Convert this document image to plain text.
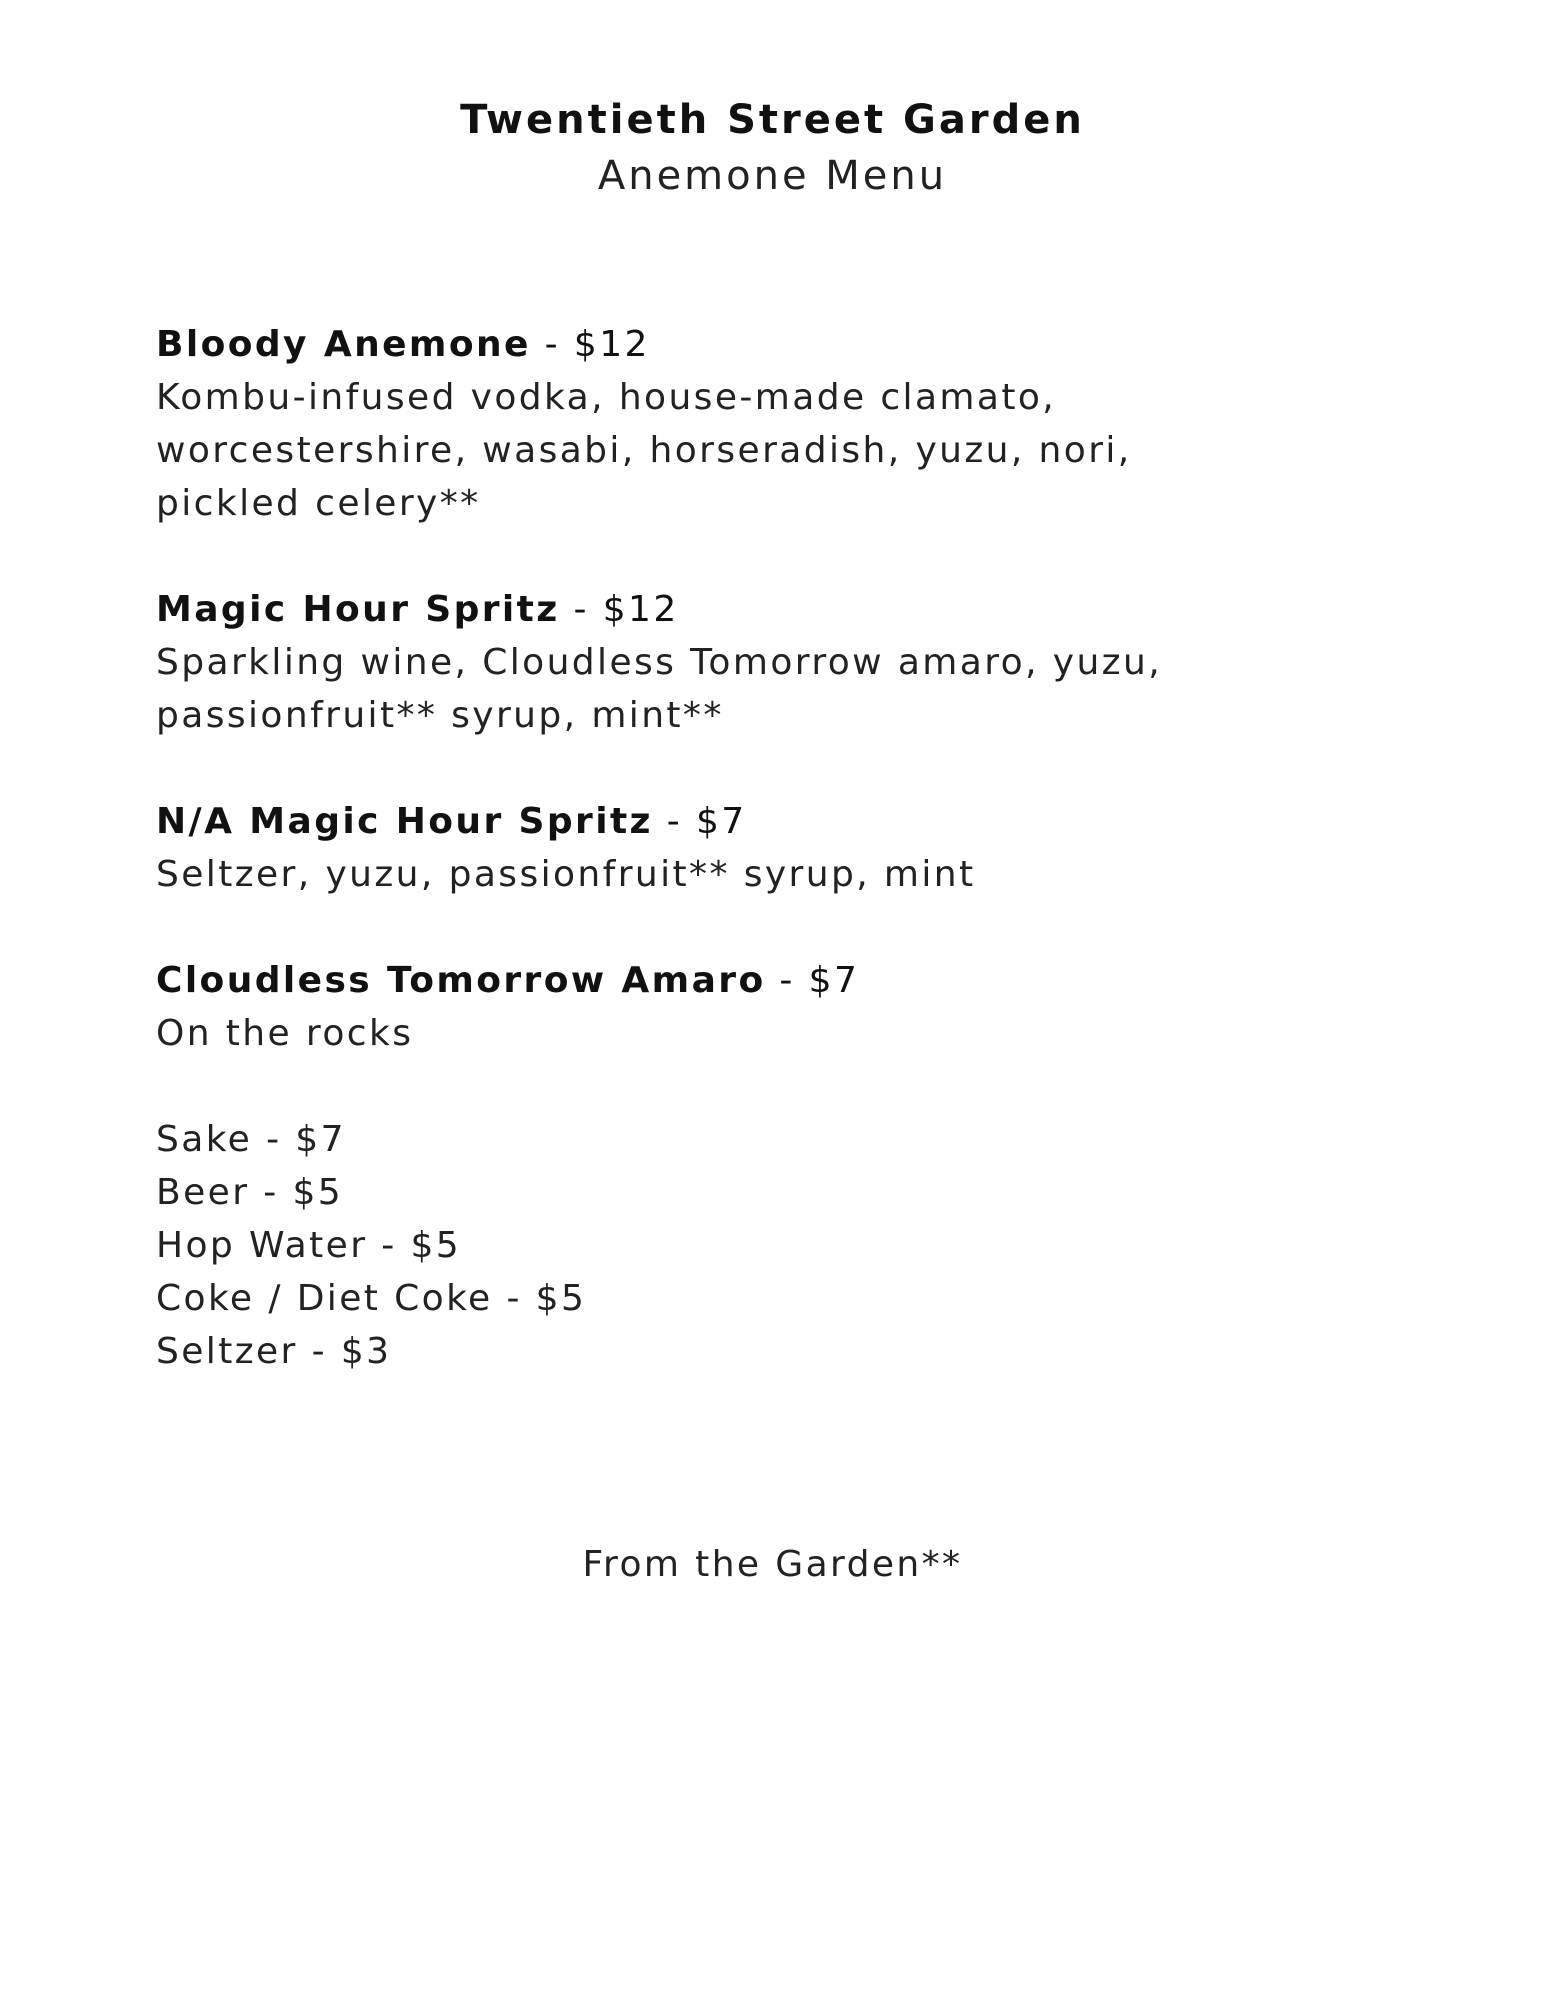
Twentieth Street Garden
Anemone Menu
Bloody Anemone - $12
Kombu-infused vodka, house-made clamato,
worcestershire, wasabi, horseradish, yuzu, nori,
pickled celery**
Magic Hour Spritz - $12
Sparkling wine, Cloudless Tomorrow amaro, yuzu,
passionfruit** syrup, mint**
N/A Magic Hour Spritz - $7
Seltzer, yuzu, passionfruit** syrup, mint
Cloudless Tomorrow Amaro - $7
On the rocks
Sake - $7
Beer - $5
Hop Water - $5
Coke / Diet Coke - $5
Seltzer - $3
From the Garden**
